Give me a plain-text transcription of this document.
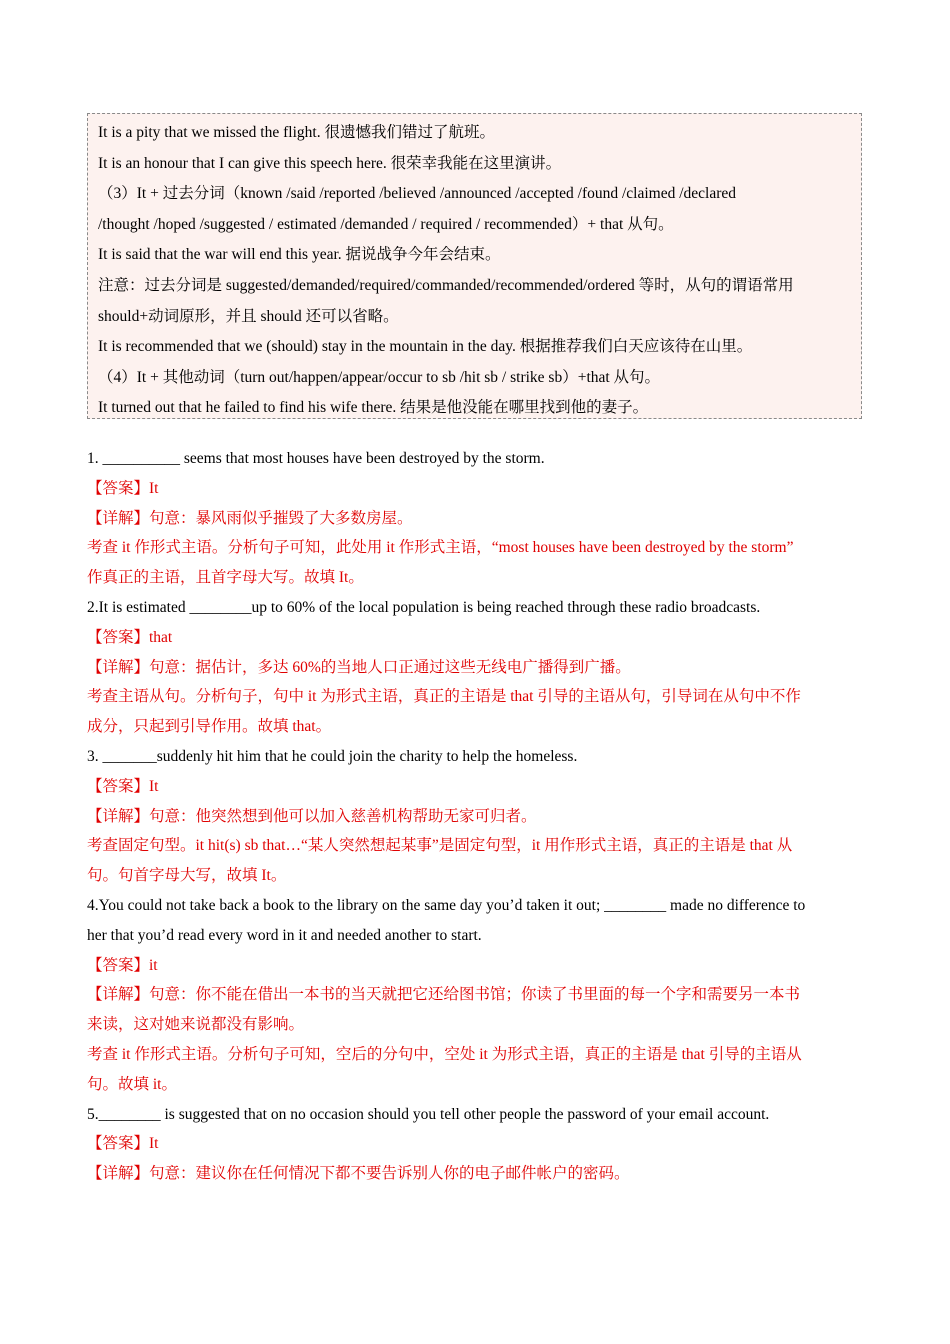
It is a pity that we missed the flight. 很遗憾我们错过了航班。
It is an honour that I can give this speech here. 很荣幸我能在这里演讲。
（3）It + 过去分词（known /said /reported /believed /announced /accepted /found /claimed /declared
/thought /hoped /suggested / estimated /demanded / required / recommended）+ that 从句。
It is said that the war will end this year. 据说战争今年会结束。
注意：过去分词是 suggested/demanded/required/commanded/recommended/ordered 等时，从句的谓语常用
should+动词原形，并且 should 还可以省略。
It is recommended that we (should) stay in the mountain in the day. 根据推荐我们白天应该待在山里。
（4）It + 其他动词（turn out/happen/appear/occur to sb /hit sb / strike sb）+that 从句。
It turned out that he failed to find his wife there. 结果是他没能在哪里找到他的妻子。
1. __________ seems that most houses have been destroyed by the storm.
【答案】It
【详解】句意：暴风雨似乎摧毁了大多数房屋。
考查 it 作形式主语。分析句子可知，此处用 it 作形式主语，“most houses have been destroyed by the storm”
作真正的主语，且首字母大写。故填 It。
2.It is estimated ________up to 60% of the local population is being reached through these radio broadcasts.
【答案】that
【详解】句意：据估计，多达 60%的当地人口正通过这些无线电广播得到广播。
考查主语从句。分析句子，句中 it 为形式主语，真正的主语是 that 引导的主语从句，引导词在从句中不作
成分，只起到引导作用。故填 that。
3. _______suddenly hit him that he could join the charity to help the homeless.
【答案】It
【详解】句意：他突然想到他可以加入慈善机构帮助无家可归者。
考查固定句型。it hit(s) sb that…“某人突然想起某事”是固定句型，it 用作形式主语，真正的主语是 that 从
句。句首字母大写，故填 It。
4.You could not take back a book to the library on the same day you’d taken it out; ________ made no difference to
her that you’d read every word in it and needed another to start.
【答案】it
【详解】句意：你不能在借出一本书的当天就把它还给图书馆；你读了书里面的每一个字和需要另一本书
来读，这对她来说都没有影响。
考查 it 作形式主语。分析句子可知，空后的分句中，空处 it 为形式主语，真正的主语是 that 引导的主语从
句。故填 it。
5.________ is suggested that on no occasion should you tell other people the password of your email account.
【答案】It
【详解】句意：建议你在任何情况下都不要告诉别人你的电子邮件帐户的密码。
